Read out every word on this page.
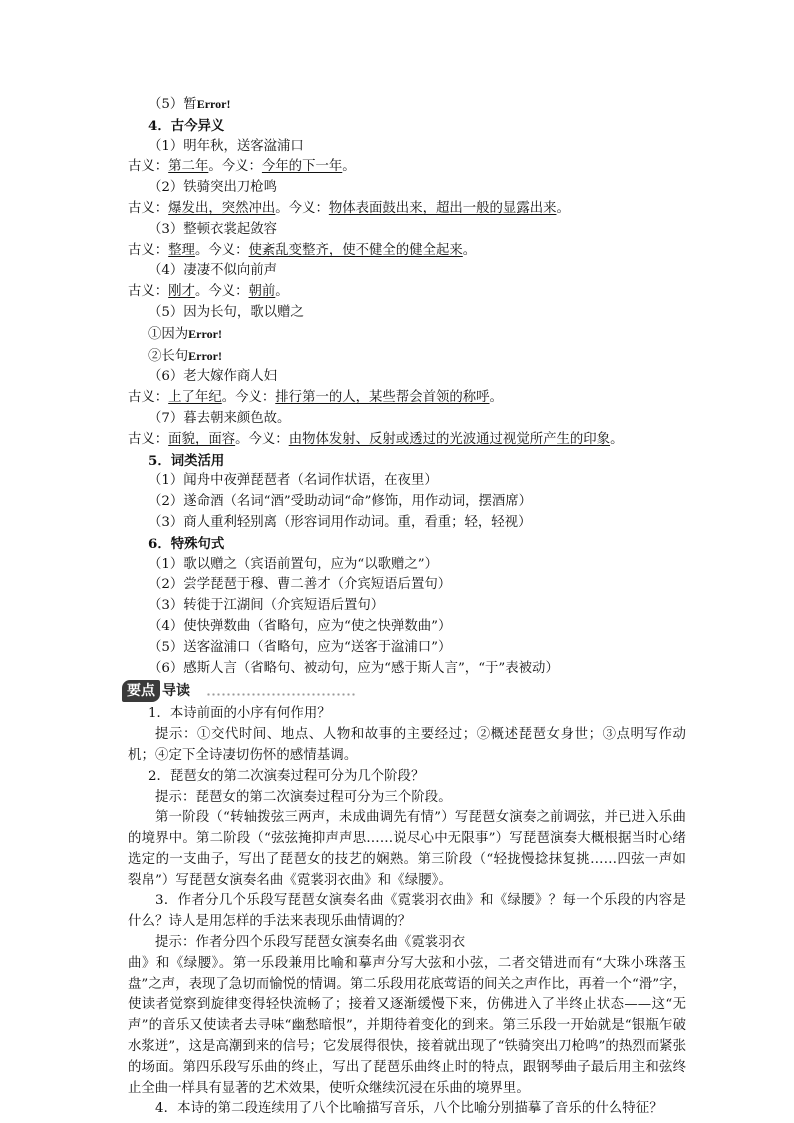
（5）暂Error!
4．古今异义
（1）明年秋，送客湓浦口
古义：第二年。今义：今年的下一年。
（2）铁骑突出刀枪鸣
古义：爆发出，突然冲出。今义：物体表面鼓出来，超出一般的显露出来。
（3）整顿衣裳起敛容
古义：整理。今义：使紊乱变整齐，使不健全的健全起来。
（4）凄凄不似向前声
古义：刚才。今义：朝前。
（5）因为长句，歌以赠之
①因为Error!
②长句Error!
（6）老大嫁作商人妇
古义：上了年纪。今义：排行第一的人，某些帮会首领的称呼。
（7）暮去朝来颜色故。
古义：面貌，面容。今义：由物体发射、反射或透过的光波通过视觉所产生的印象。
5．词类活用
（1）闻舟中夜弹琵琶者（名词作状语，在夜里）
（2）遂命酒（名词“酒”受助动词“命”修饰，用作动词，摆酒席）
（3）商人重利轻别离（形容词用作动词。重，看重；轻，轻视）
6．特殊句式
（1）歌以赠之（宾语前置句，应为“以歌赠之”）
（2）尝学琵琶于穆、曹二善才（介宾短语后置句）
（3）转徙于江湖间（介宾短语后置句）
（4）使快弹数曲（省略句，应为“使之快弹数曲”）
（5）送客湓浦口（省略句，应为“送客于湓浦口”）
（6）感斯人言（省略句、被动句，应为“感于斯人言”，“于”表被动）
要点 导读
1．本诗前面的小序有何作用？
提示：①交代时间、地点、人物和故事的主要经过；②概述琵琶女身世；③点明写作动机；④定下全诗凄切伤怀的感情基调。
2．琵琶女的第二次演奏过程可分为几个阶段？
提示：琵琶女的第二次演奏过程可分为三个阶段。
第一阶段（“转轴拨弦三两声，未成曲调先有情”）写琵琶女演奏之前调弦，并已进入乐曲的境界中。第二阶段（“弦弦掩抑声声思……说尽心中无限事”）写琵琶演奏大概根据当时心绪选定的一支曲子，写出了琵琶女的技艺的娴熟。第三阶段（“轻拢慢捻抹复挑……四弦一声如裂帛”）写琵琶女演奏名曲《霓裳羽衣曲》和《绿腰》。
3．作者分几个乐段写琵琶女演奏名曲《霓裳羽衣曲》和《绿腰》？每一个乐段的内容是什么？诗人是用怎样的手法来表现乐曲情调的？
提示：作者分四个乐段写琵琶女演奏名曲《霓裳羽衣
曲》和《绿腰》。第一乐段兼用比喻和摹声分写大弦和小弦，二者交错进而有“大珠小珠落玉盘”之声，表现了急切而愉悦的情调。第二乐段用花底莺语的间关之声作比，再着一个“滑”字，使读者觉察到旋律变得轻快流畅了；接着又逐渐缓慢下来，仿佛进入了半终止状态——这“无声”的音乐又使读者去寻味“幽愁暗恨”，并期待着变化的到来。第三乐段一开始就是“银瓶乍破水浆迸”，这是高潮到来的信号；它发展得很快，接着就出现了“铁骑突出刀枪鸣”的热烈而紧张的场面。第四乐段写乐曲的终止，写出了琵琶乐曲终止时的特点，跟钢琴曲子最后用主和弦终止全曲一样具有显著的艺术效果，使听众继续沉浸在乐曲的境界里。
4．本诗的第二段连续用了八个比喻描写音乐，八个比喻分别描摹了音乐的什么特征？
